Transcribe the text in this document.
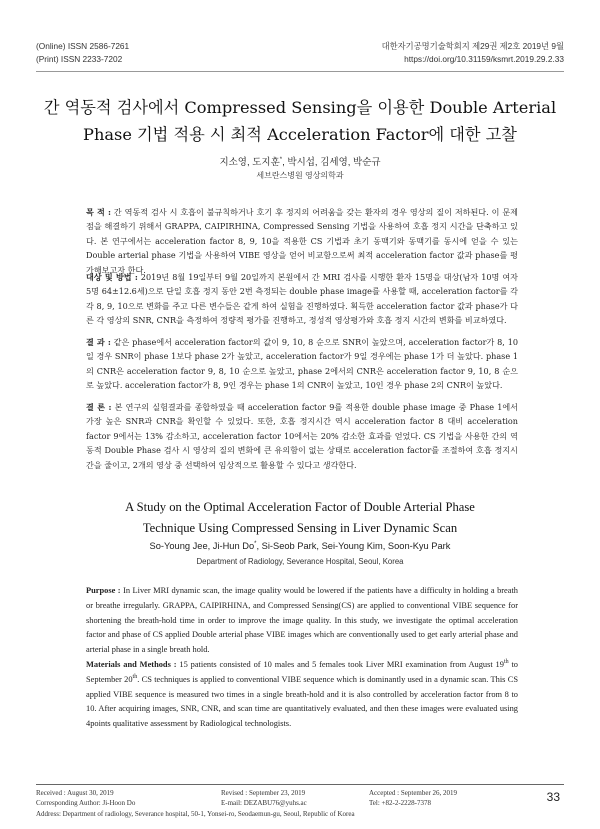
(Online) ISSN 2586-7261
(Print) ISSN 2233-7202
대한자기공명기술학회지 제29권 제2호 2019년 9월
https://doi.org/10.31159/ksmrt.2019.29.2.33
간 역동적 검사에서 Compressed Sensing을 이용한 Double Arterial
Phase 기법 적용 시 최적 Acceleration Factor에 대한 고찰
지소영, 도지훈*, 박시섭, 김세영, 박순규
세브란스병원 영상의학과
목 적 : 간 역동적 검사 시 호흡이 불규칙하거나 호기 후 정지의 어려움을 갖는 환자의 경우 영상의 질이 저하된다. 이 문제점을 해결하기 위해서 GRAPPA, CAIPIRHINA, Compressed Sensing 기법을 사용하여 호흡 정지 시간을 단축하고 있다. 본 연구에서는 acceleration factor 8, 9, 10을 적용한 CS 기법과 초기 동맥기와 동맥기를 동시에 얻을 수 있는 Double arterial phase 기법을 사용하여 VIBE 영상을 얻어 비교함으로써 최적 acceleration factor 값과 phase를 평가해보고자 한다.
대상 및 방법 : 2019년 8월 19일부터 9월 20일까지 본원에서 간 MRI 검사를 시행한 환자 15명을 대상(남자 10명 여자 5명 64±12.6세)으로 단일 호흡 정지 동안 2번 측정되는 double phase image를 사용할 때, acceleration factor를 각각 8, 9, 10으로 변화를 주고 다른 변수들은 같게 하여 실험을 진행하였다. 획득한 acceleration factor 값과 phase가 다른 각 영상의 SNR, CNR을 측정하여 정량적 평가를 진행하고, 정성적 영상평가와 호흡 정지 시간의 변화를 비교하였다.
결 과 : 같은 phase에서 acceleration factor의 값이 9, 10, 8 순으로 SNR이 높았으며, acceleration factor가 8, 10일 경우 SNR이 phase 1보다 phase 2가 높았고, acceleration factor가 9일 경우에는 phase 1가 더 높았다. phase 1의 CNR은 acceleration factor 9, 8, 10 순으로 높았고, phase 2에서의 CNR은 acceleration factor 9, 10, 8 순으로 높았다. acceleration factor가 8, 9인 경우는 phase 1의 CNR이 높았고, 10인 경우 phase 2의 CNR이 높았다.
결 론 : 본 연구의 실험결과를 종합하였을 때 acceleration factor 9를 적용한 double phase image 중 Phase 1에서 가장 높은 SNR과 CNR을 확인할 수 있었다. 또한, 호흡 정지시간 역시 acceleration factor 8 대비 acceleration factor 9에서는 13% 감소하고, acceleration factor 10에서는 20% 감소한 효과를 얻었다. CS 기법을 사용한 간의 역동적 Double Phase 검사 시 영상의 질의 변화에 큰 유의함이 없는 상태로 acceleration factor를 조절하여 호흡 정지시간을 줄이고, 2개의 영상 중 선택하여 임상적으로 활용할 수 있다고 생각한다.
A Study on the Optimal Acceleration Factor of Double Arterial Phase
Technique Using Compressed Sensing in Liver Dynamic Scan
So-Young Jee, Ji-Hun Do*, Si-Seob Park, Sei-Young Kim, Soon-Kyu Park
Department of Radiology, Severance Hospital, Seoul, Korea
Purpose : In Liver MRI dynamic scan, the image quality would be lowered if the patients have a difficulty in holding a breath or breathe irregularly. GRAPPA, CAIPIRHINA, and Compressed Sensing(CS) are applied to conventional VIBE sequence for shortening the breath-hold time in order to improve the image quality. In this study, we investigate the optimal acceleration factor and phase of CS applied Double arterial phase VIBE images which are conventionally used to get early arterial phase and arterial phase in a single breath hold.
Materials and Methods : 15 patients consisted of 10 males and 5 females took Liver MRI examination from August 19th to September 20th. CS techniques is applied to conventional VIBE sequence which is dominantly used in a dynamic scan. This CS applied VIBE sequence is measured two times in a single breath-hold and it is also controlled by acceleration factor from 8 to 10. After acquiring images, SNR, CNR, and scan time are quantitatively evaluated, and then these images were evaluated using 4points qualitative assessment by Radiological technologists.
Received : August 30, 2019	Revised : September 23, 2019	Accepted : September 26, 2019
Corresponding Author: Ji-Hoon Do	E-mail: DEZABU76@yuhs.ac	Tel: +82-2-2228-7378
Address: Department of radiology, Severance hospital, 50-1, Yonsei-ro, Seodaemun-gu, Seoul, Republic of Korea
33
